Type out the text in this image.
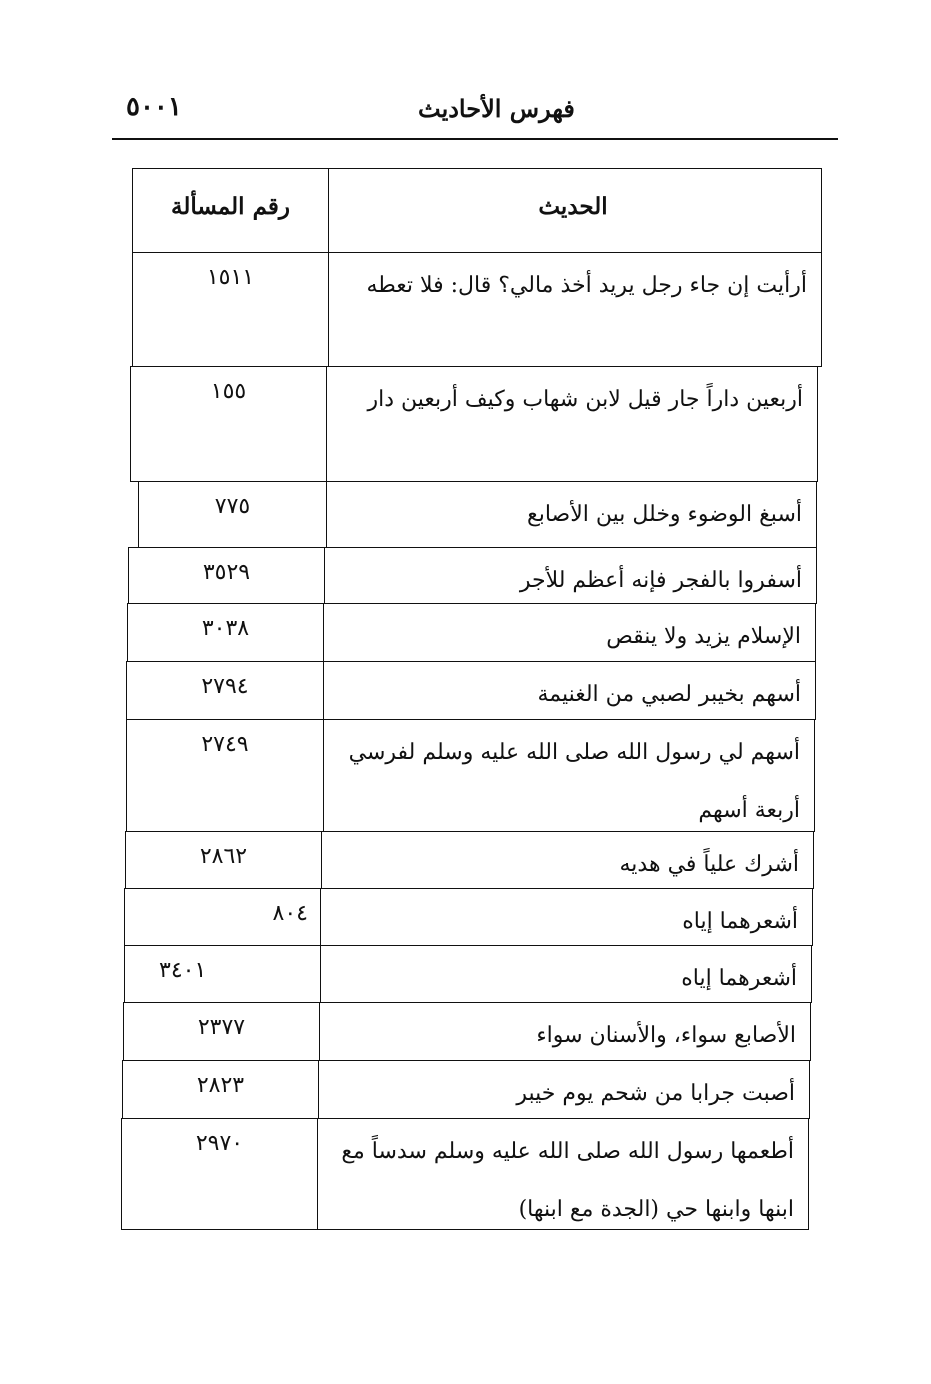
٥٠٠١	فهرس الأحاديث
رقم المسألة	الحديث
١٥١١	أرأيت إن جاء رجل يريد أخذ مالي؟ قال: فلا تعطه
١٥٥	أربعين داراً جار قيل لابن شهاب وكيف أربعين دار
٧٧٥	أسبغ الوضوء وخلل بين الأصابع
٣٥٢٩	أسفروا بالفجر فإنه أعظم للأجر
٣٠٣٨	الإسلام يزيد ولا ينقص
٢٧٩٤	أسهم بخيبر لصبي من الغنيمة
٢٧٤٩	أسهم لي رسول الله صلى الله عليه وسلم لفرسي أربعة أسهم
٢٨٦٢	أشرك علياً في هديه
٨٠٤	أشعرهما إياه
٣٤٠١	أشعرهما إياه
٢٣٧٧	الأصابع سواء، والأسنان سواء
٢٨٢٣	أصبت جرابا من شحم يوم خيبر
٢٩٧٠	أطعمها رسول الله صلى الله عليه وسلم سدساً مع ابنها وابنها حي (الجدة مع ابنها)
